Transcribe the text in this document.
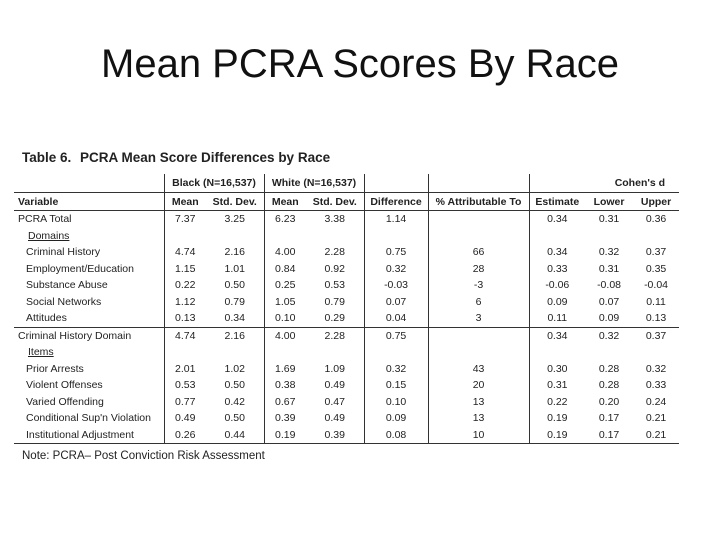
Mean PCRA Scores By Race
Table 6. PCRA Mean Score Differences by Race
	Black (N=16,537)		White (N=16,537)				Cohen's d		
Variable	Mean	Std. Dev.	Mean	Std. Dev.	Difference	% Attributable To	Estimate	Lower	Upper
PCRA Total	7.37	3.25	6.23	3.38	1.14		0.34	0.31	0.36
Domains									
Criminal History	4.74	2.16	4.00	2.28	0.75	66	0.34	0.32	0.37
Employment/Education	1.15	1.01	0.84	0.92	0.32	28	0.33	0.31	0.35
Substance Abuse	0.22	0.50	0.25	0.53	-0.03	-3	-0.06	-0.08	-0.04
Social Networks	1.12	0.79	1.05	0.79	0.07	6	0.09	0.07	0.11
Attitudes	0.13	0.34	0.10	0.29	0.04	3	0.11	0.09	0.13
Criminal History Domain	4.74	2.16	4.00	2.28	0.75		0.34	0.32	0.37
Items									
Prior Arrests	2.01	1.02	1.69	1.09	0.32	43	0.30	0.28	0.32
Violent Offenses	0.53	0.50	0.38	0.49	0.15	20	0.31	0.28	0.33
Varied Offending	0.77	0.42	0.67	0.47	0.10	13	0.22	0.20	0.24
Conditional Sup'n Violation	0.49	0.50	0.39	0.49	0.09	13	0.19	0.17	0.21
Institutional Adjustment	0.26	0.44	0.19	0.39	0.08	10	0.19	0.17	0.21
Note: PCRA– Post Conviction Risk Assessment
